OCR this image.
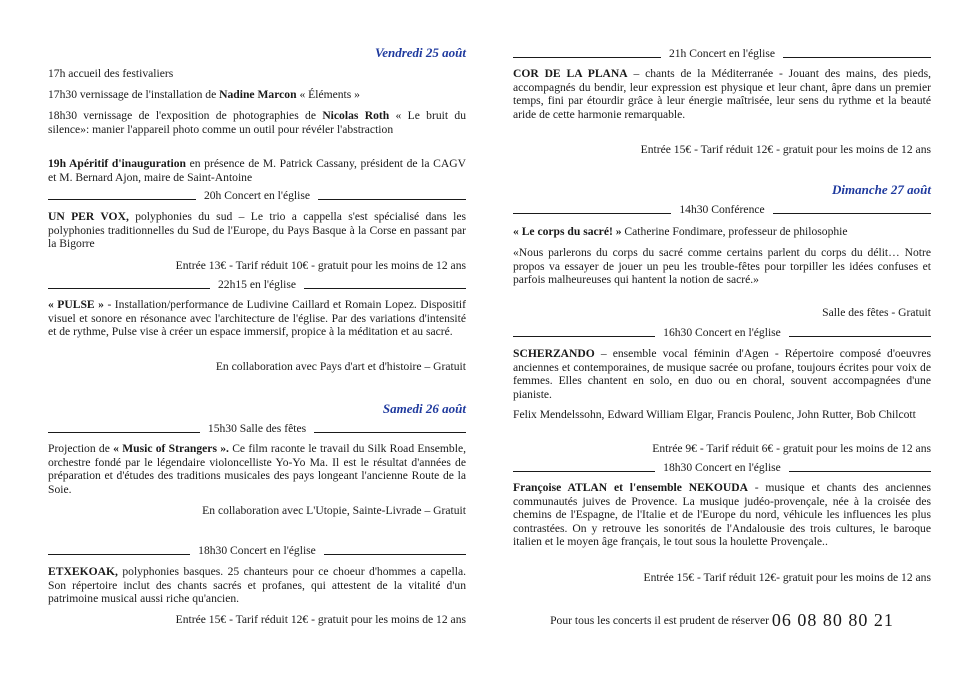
Vendredi 25 août

17h accueil des festivaliers

17h30 vernissage de l'installation de Nadine Marcon « Éléments »

18h30 vernissage de l'exposition de photographies de Nicolas Roth « Le bruit du silence»: manier l'appareil photo comme un outil pour révéler l'abstraction

19h Apéritif d'inauguration en présence de M. Patrick Cassany, président de la CAGV et M. Bernard Ajon, maire de Saint-Antoine

20h Concert en l'église

UN PER VOX, polyphonies du sud – Le trio a cappella s'est spécialisé dans les polyphonies traditionnelles du Sud de l'Europe, du Pays Basque à la Corse en passant par la Bigorre

Entrée 13€ - Tarif réduit 10€ - gratuit pour les moins de 12 ans

22h15 en l'église

« PULSE » - Installation/performance de Ludivine Caillard et Romain Lopez. Dispositif visuel et sonore en résonance avec l'architecture de l'église. Par des variations d'intensité et de rythme, Pulse vise à créer un espace immersif, propice à la méditation et au sacré.

En collaboration avec Pays d'art et d'histoire – Gratuit

Samedi 26 août
15h30 Salle des fêtes

Projection de « Music of Strangers ». Ce film raconte le travail du Silk Road Ensemble, orchestre fondé par le légendaire violoncelliste Yo-Yo Ma. Il est le résultat d'années de préparation et d'études des traditions musicales des pays longeant l'ancienne Route de la Soie.

En collaboration avec L'Utopie, Sainte-Livrade – Gratuit

18h30 Concert en l'église

ETXEKOAK, polyphonies basques. 25 chanteurs pour ce choeur d'hommes a capella. Son répertoire inclut des chants sacrés et profanes, qui attestent de la vitalité d'un patrimoine musical aussi riche qu'ancien.

Entrée 15€ - Tarif réduit 12€ - gratuit pour les moins de 12 ans

21h Concert en l'église

COR DE LA PLANA – chants de la Méditerranée - Jouant des mains, des pieds, accompagnés du bendir, leur expression est physique et leur chant, âpre dans un premier temps, fini par étourdir grâce à leur énergie maîtrisée, leur sens du rythme et la beauté aride de cette harmonie remarquable.

Entrée 15€ - Tarif réduit 12€ - gratuit pour les moins de 12 ans

Dimanche 27 août
14h30 Conférence

« Le corps du sacré! » Catherine Fondimare, professeur de philosophie

«Nous parlerons du corps du sacré comme certains parlent du corps du délit… Notre propos va essayer de jouer un peu les trouble-fêtes pour torpiller les idées confuses et parfois malheureuses qui hantent la notion de sacré.»

Salle des fêtes - Gratuit

16h30 Concert en l'église

SCHERZANDO – ensemble vocal féminin d'Agen - Répertoire composé d'oeuvres anciennes et contemporaines, de musique sacrée ou profane, toujours écrites pour voix de femmes. Elles chantent en solo, en duo ou en choral, souvent accompagnées d'une pianiste.

Felix Mendelssohn, Edward William Elgar, Francis Poulenc, John Rutter, Bob Chilcott

Entrée 9€ - Tarif réduit 6€ - gratuit pour les moins de 12 ans

18h30 Concert en l'église

Françoise ATLAN et l'ensemble NEKOUDA - musique et chants des anciennes communautés juives de Provence. La musique judéo-provençale, née à la croisée des chemins de l'Espagne, de l'Italie et de l'Europe du nord, véhicule les influences les plus contrastées. On y retrouve les sonorités de l'Andalousie des trois cultures, le baroque italien et le moyen âge français, le tout sous la houlette Provençale..

Entrée 15€ - Tarif réduit 12€- gratuit pour les moins de 12 ans

Pour tous les concerts il est prudent de réserver 06 08 80 80 21
